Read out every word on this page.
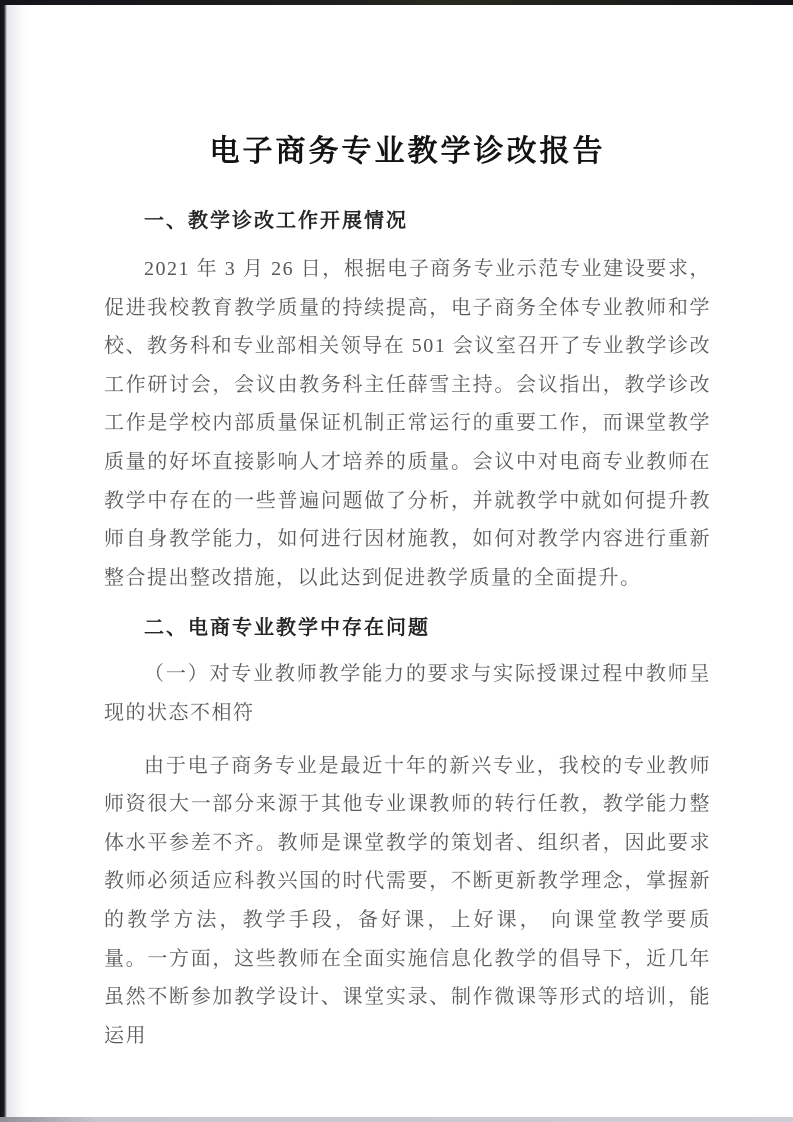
电子商务专业教学诊改报告
一、教学诊改工作开展情况

2021 年 3 月 26 日，根据电子商务专业示范专业建设要求，促进我校教育教学质量的持续提高，电子商务全体专业教师和学校、教务科和专业部相关领导在 501 会议室召开了专业教学诊改工作研讨会，会议由教务科主任薛雪主持。会议指出，教学诊改工作是学校内部质量保证机制正常运行的重要工作，而课堂教学质量的好坏直接影响人才培养的质量。会议中对电商专业教师在教学中存在的一些普遍问题做了分析，并就教学中就如何提升教师自身教学能力，如何进行因材施教，如何对教学内容进行重新整合提出整改措施，以此达到促进教学质量的全面提升。

二、电商专业教学中存在问题

（一）对专业教师教学能力的要求与实际授课过程中教师呈现的状态不相符

由于电子商务专业是最近十年的新兴专业，我校的专业教师师资很大一部分来源于其他专业课教师的转行任教，教学能力整体水平参差不齐。教师是课堂教学的策划者、组织者，因此要求教师必须适应科教兴国的时代需要，不断更新教学理念，掌握新的教学方法，教学手段，备好课，上好课， 向课堂教学要质量。一方面，这些教师在全面实施信息化教学的倡导下，近几年虽然不断参加教学设计、课堂实录、制作微课等形式的培训，能运用
